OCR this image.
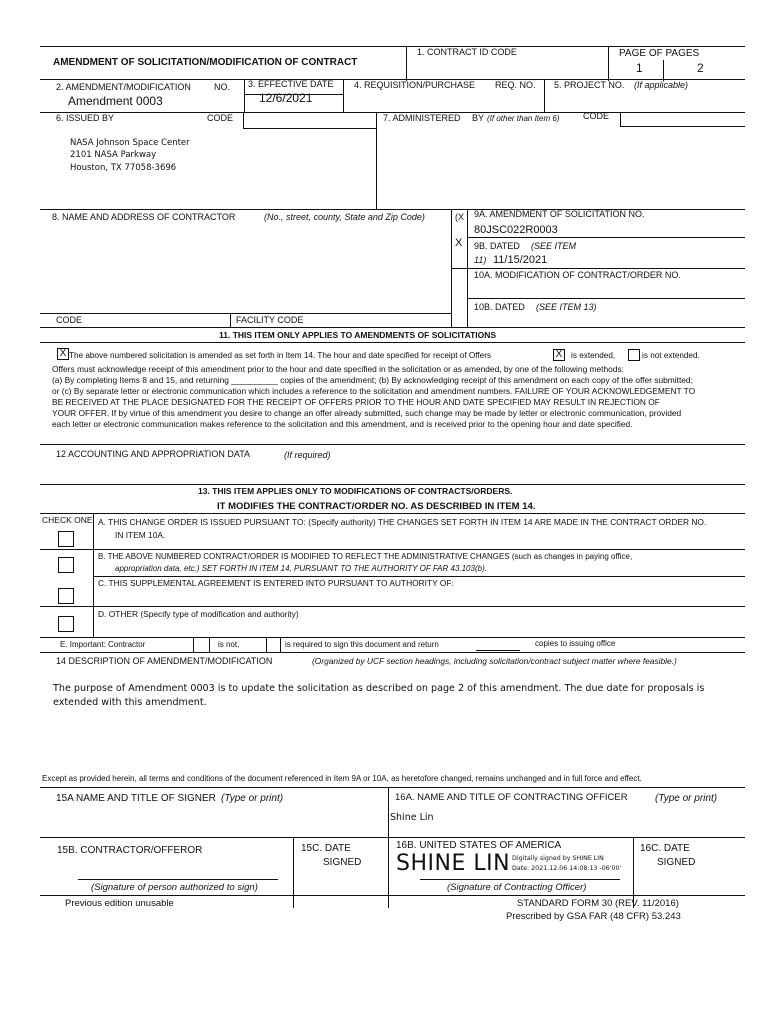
AMENDMENT OF SOLICITATION/MODIFICATION OF CONTRACT
1. CONTRACT ID CODE	PAGE OF PAGES
1	2
2. AMENDMENT/MODIFICATION	NO.
Amendment 0003
3. EFFECTIVE DATE
12/6/2021
4. REQUISITION/PURCHASE REQ. NO. 5. PROJECT NO. (If applicable)
6. ISSUED BY	CODE	7. ADMINISTERED BY (If other than Item 6)	CODE
NASA Johnson Space Center
2101 NASA Parkway
Houston, TX 77058-3696
8. NAME AND ADDRESS OF CONTRACTOR	(No., street, county, State and Zip Code)	(X
X
9A. AMENDMENT OF SOLICITATION NO.
80JSC022R0003
9B. DATED (SEE ITEM
11) 11/15/2021
10A. MODIFICATION OF CONTRACT/ORDER NO.
10B. DATED (SEE ITEM 13)
CODE	FACILITY CODE
11. THIS ITEM ONLY APPLIES TO AMENDMENTS OF SOLICITATIONS
X The above numbered solicitation is amended as set forth in Item 14. The hour and date specified for receipt of Offers	X	is extended,	is not extended.
Offers must acknowledge receipt of this amendment prior to the hour and date specified in the solicitation or as amended, by one of the following methods:
(a) By completing Items 8 and 15, and returning __________ copies of the amendment; (b) By acknowledging receipt of this amendment on each copy of the offer submitted;
or (c) By separate letter or electronic communication which includes a reference to the solicitation and amendment numbers. FAILURE OF YOUR ACKNOWLEDGEMENT TO
BE RECEIVED AT THE PLACE DESIGNATED FOR THE RECEIPT OF OFFERS PRIOR TO THE HOUR AND DATE SPECIFIED MAY RESULT IN REJECTION OF
YOUR OFFER. If by virtue of this amendment you desire to change an offer already submitted, such change may be made by letter or electronic communication, provided
each letter or electronic communication makes reference to the solicitation and this amendment, and is received prior to the opening hour and date specified.
12 ACCOUNTING AND APPROPRIATION DATA	(If required)
13. THIS ITEM APPLIES ONLY TO MODIFICATIONS OF CONTRACTS/ORDERS.
IT MODIFIES THE CONTRACT/ORDER NO. AS DESCRIBED IN ITEM 14.
CHECK ONE A. THIS CHANGE ORDER IS ISSUED PURSUANT TO: (Specify authority) THE CHANGES SET FORTH IN ITEM 14 ARE MADE IN THE CONTRACT ORDER NO.
IN ITEM 10A.
B. THE ABOVE NUMBERED CONTRACT/ORDER IS MODIFIED TO REFLECT THE ADMINISTRATIVE CHANGES (such as changes in paying office,
appropriation data, etc.) SET FORTH IN ITEM 14, PURSUANT TO THE AUTHORITY OF FAR 43.103(b).
C. THIS SUPPLEMENTAL AGREEMENT IS ENTERED INTO PURSUANT TO AUTHORITY OF:
D. OTHER (Specify type of modification and authority)
E. Important: Contractor	is not,	is required to sign this document and return	copies to issuing office
14 DESCRIPTION OF AMENDMENT/MODIFICATION	(Organized by UCF section headings, including solicitation/contract subject matter where feasible.)
The purpose of Amendment 0003 is to update the solicitation as described on page 2 of this amendment. The due date for proposals is
extended with this amendment.
Except as provided herein, all terms and conditions of the document referenced in Item 9A or 10A, as heretofore changed, remains unchanged and in full force and effect.
15A NAME AND TITLE OF SIGNER (Type or print)	16A. NAME AND TITLE OF CONTRACTING OFFICER	(Type or print)
Shine Lin
15B. CONTRACTOR/OFFEROR	15C. DATE
SIGNED
16B. UNITED STATES OF AMERICA
SHINE LIN Digitally signed by SHINE LIN
Date: 2021.12.06 14:08:13 -06'00'
16C. DATE
SIGNED
(Signature of person authorized to sign)	(Signature of Contracting Officer)
Previous edition unusable	STANDARD FORM 30 (REV. 11/2016)
Prescribed by GSA FAR (48 CFR) 53.243
